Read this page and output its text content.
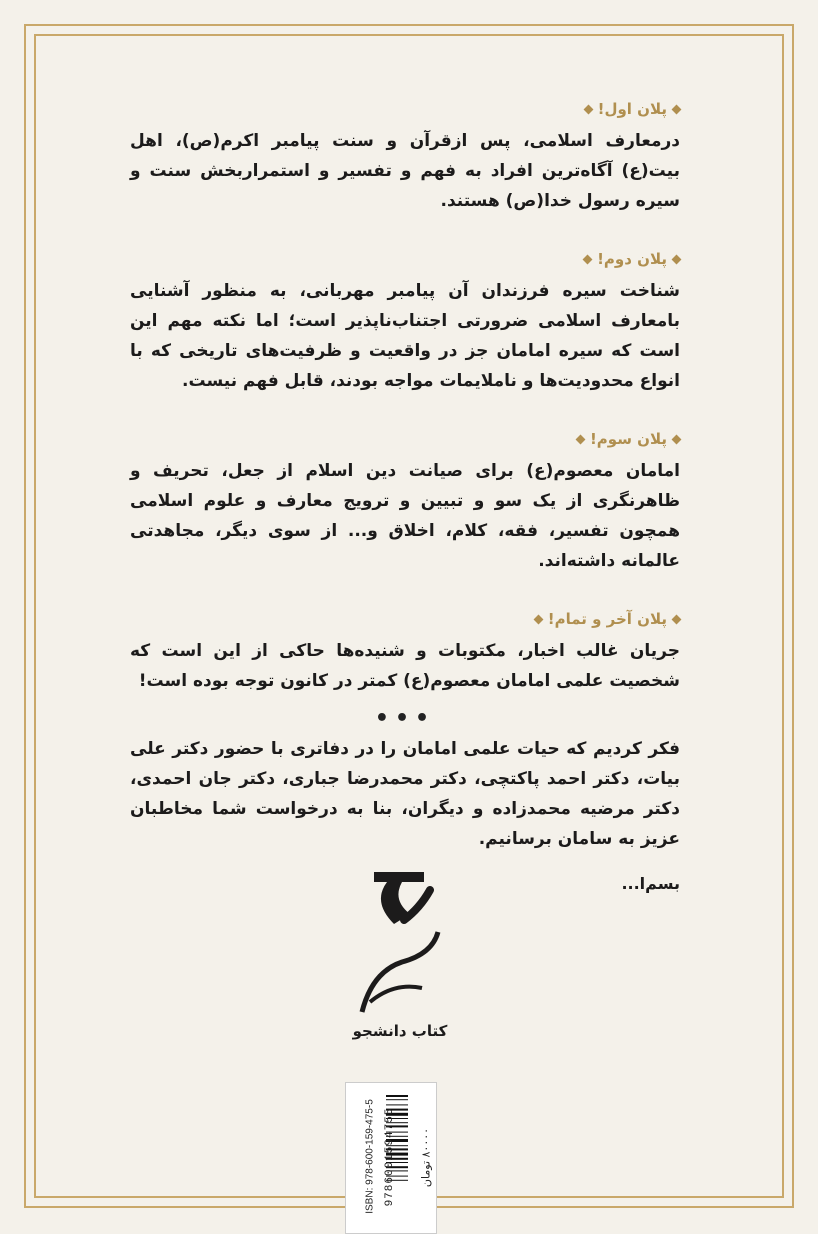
پلان اول!

درمعارف اسلامی، پس ازقرآن و سنت پیامبر اکرم(ص)، اهل بیت(ع) آگاه‌ترین افراد به فهم و تفسیر و استمراربخش سنت و سیره رسول خدا(ص) هستند.

پلان دوم!

شناخت سیره فرزندان آن پیامبر مهربانی، به منظور آشنایی بامعارف اسلامی ضرورتی اجتناب‌ناپذیر است؛ اما نکته مهم این است که سیره امامان جز در واقعیت و ظرفیت‌های تاریخی که با انواع محدودیت‌ها و ناملایمات مواجه بودند، قابل فهم نیست.

پلان سوم!

امامان معصوم(ع) برای صیانت دین اسلام از جعل، تحریف و ظاهرنگری از یک سو و تبیین و ترویج معارف و علوم اسلامی همچون تفسیر، فقه، کلام، اخلاق و... از سوی دیگر، مجاهدتی عالمانه داشته‌اند.

پلان آخر و تمام!

جریان غالب اخبار، مکتوبات و شنیده‌ها حاکی از این است که شخصیت علمی امامان معصوم(ع) کمتر در کانون توجه بوده است!

•••

فکر کردیم که حیات علمی امامان را در دفاتری با حضور دکتر علی بیات، دکتر احمد پاکتچی، دکتر محمدرضا جباری، دکتر جان احمدی، دکتر مرضیه محمدزاده و دیگران، بنا به درخواست شما مخاطبان عزیز به سامان برسانیم.

بسم‌ا...
کتاب دانشجو
۸۰۰۰۰ تومان
9786001594755
ISBN: 978-600-159-475-5
